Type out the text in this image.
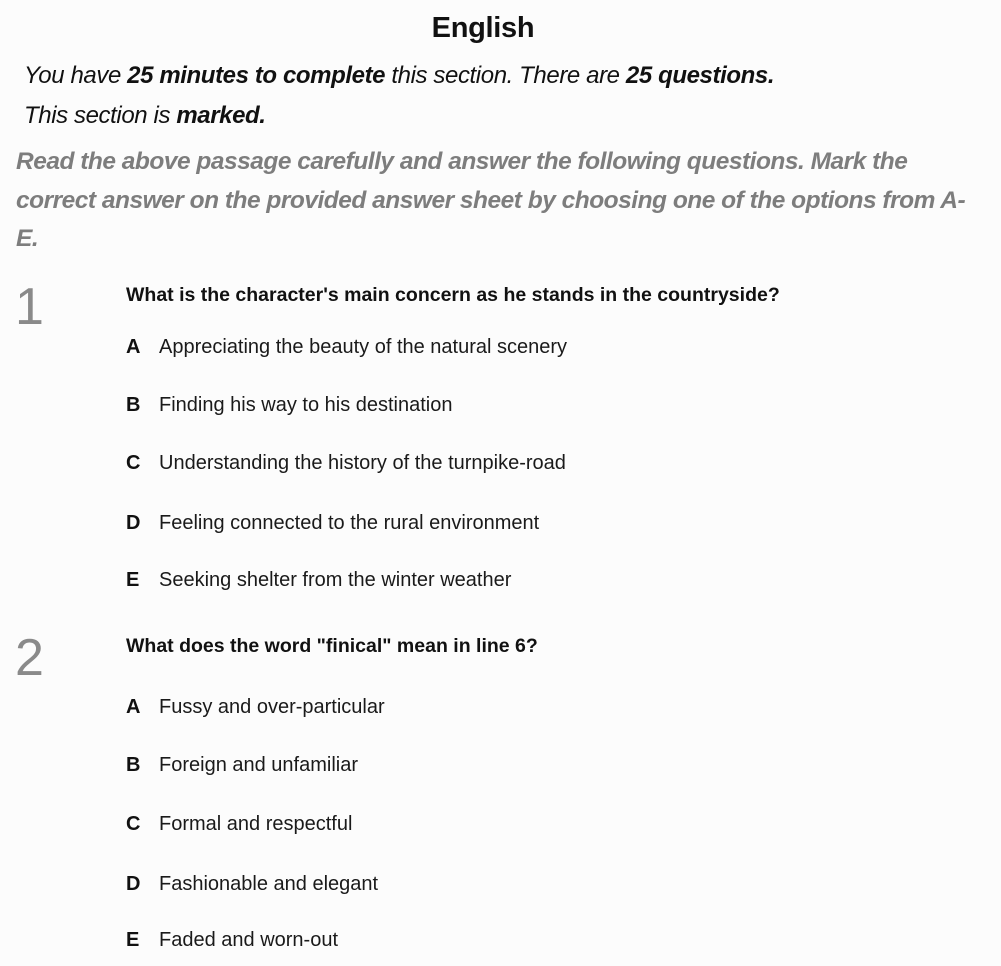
English
You have 25 minutes to complete this section. There are 25 questions.
This section is marked.
Read the above passage carefully and answer the following questions. Mark the correct answer on the provided answer sheet by choosing one of the options from A-E.
1	What is the character's main concern as he stands in the countryside?
A Appreciating the beauty of the natural scenery
B Finding his way to his destination
C Understanding the history of the turnpike-road
D Feeling connected to the rural environment
E Seeking shelter from the winter weather
2	What does the word "finical" mean in line 6?
A Fussy and over-particular
B Foreign and unfamiliar
C Formal and respectful
D Fashionable and elegant
E Faded and worn-out
